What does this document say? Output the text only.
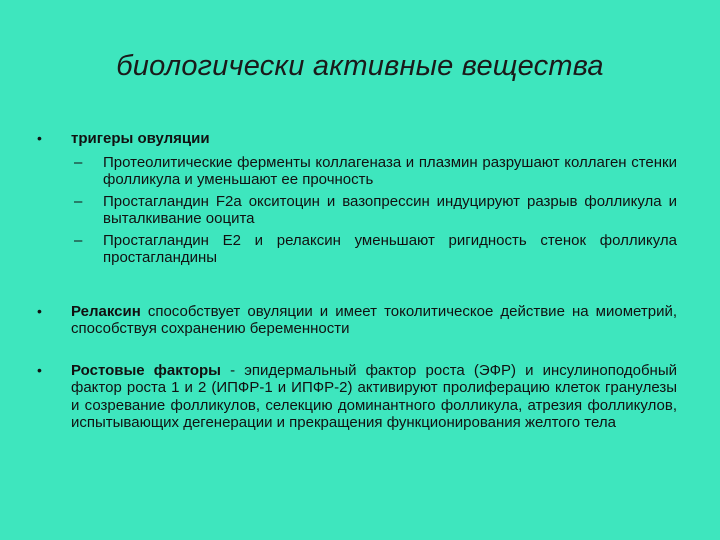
биологически активные вещества
• тригеры овуляции
– Протеолитические ферменты коллагеназа и плазмин разрушают коллаген стенки фолликула и уменьшают ее прочность
– Простагландин F2a окситоцин и вазопрессин индуцируют разрыв фолликула и выталкивание ооцита
– Простагландин E2 и релаксин уменьшают ригидность стенок фолликула простагландины
• Релаксин способствует овуляции и имеет токолитическое действие на миометрий, способствуя сохранению беременности
• Ростовые факторы - эпидермальный фактор роста (ЭФР) и инсулиноподобный фактор роста 1 и 2 (ИПФР-1 и ИПФР-2) активируют пролиферацию клеток гранулезы и созревание фолликулов, селекцию доминантного фолликула, атрезия фолликулов, испытывающих дегенерации и прекращения функционирования желтого тела
